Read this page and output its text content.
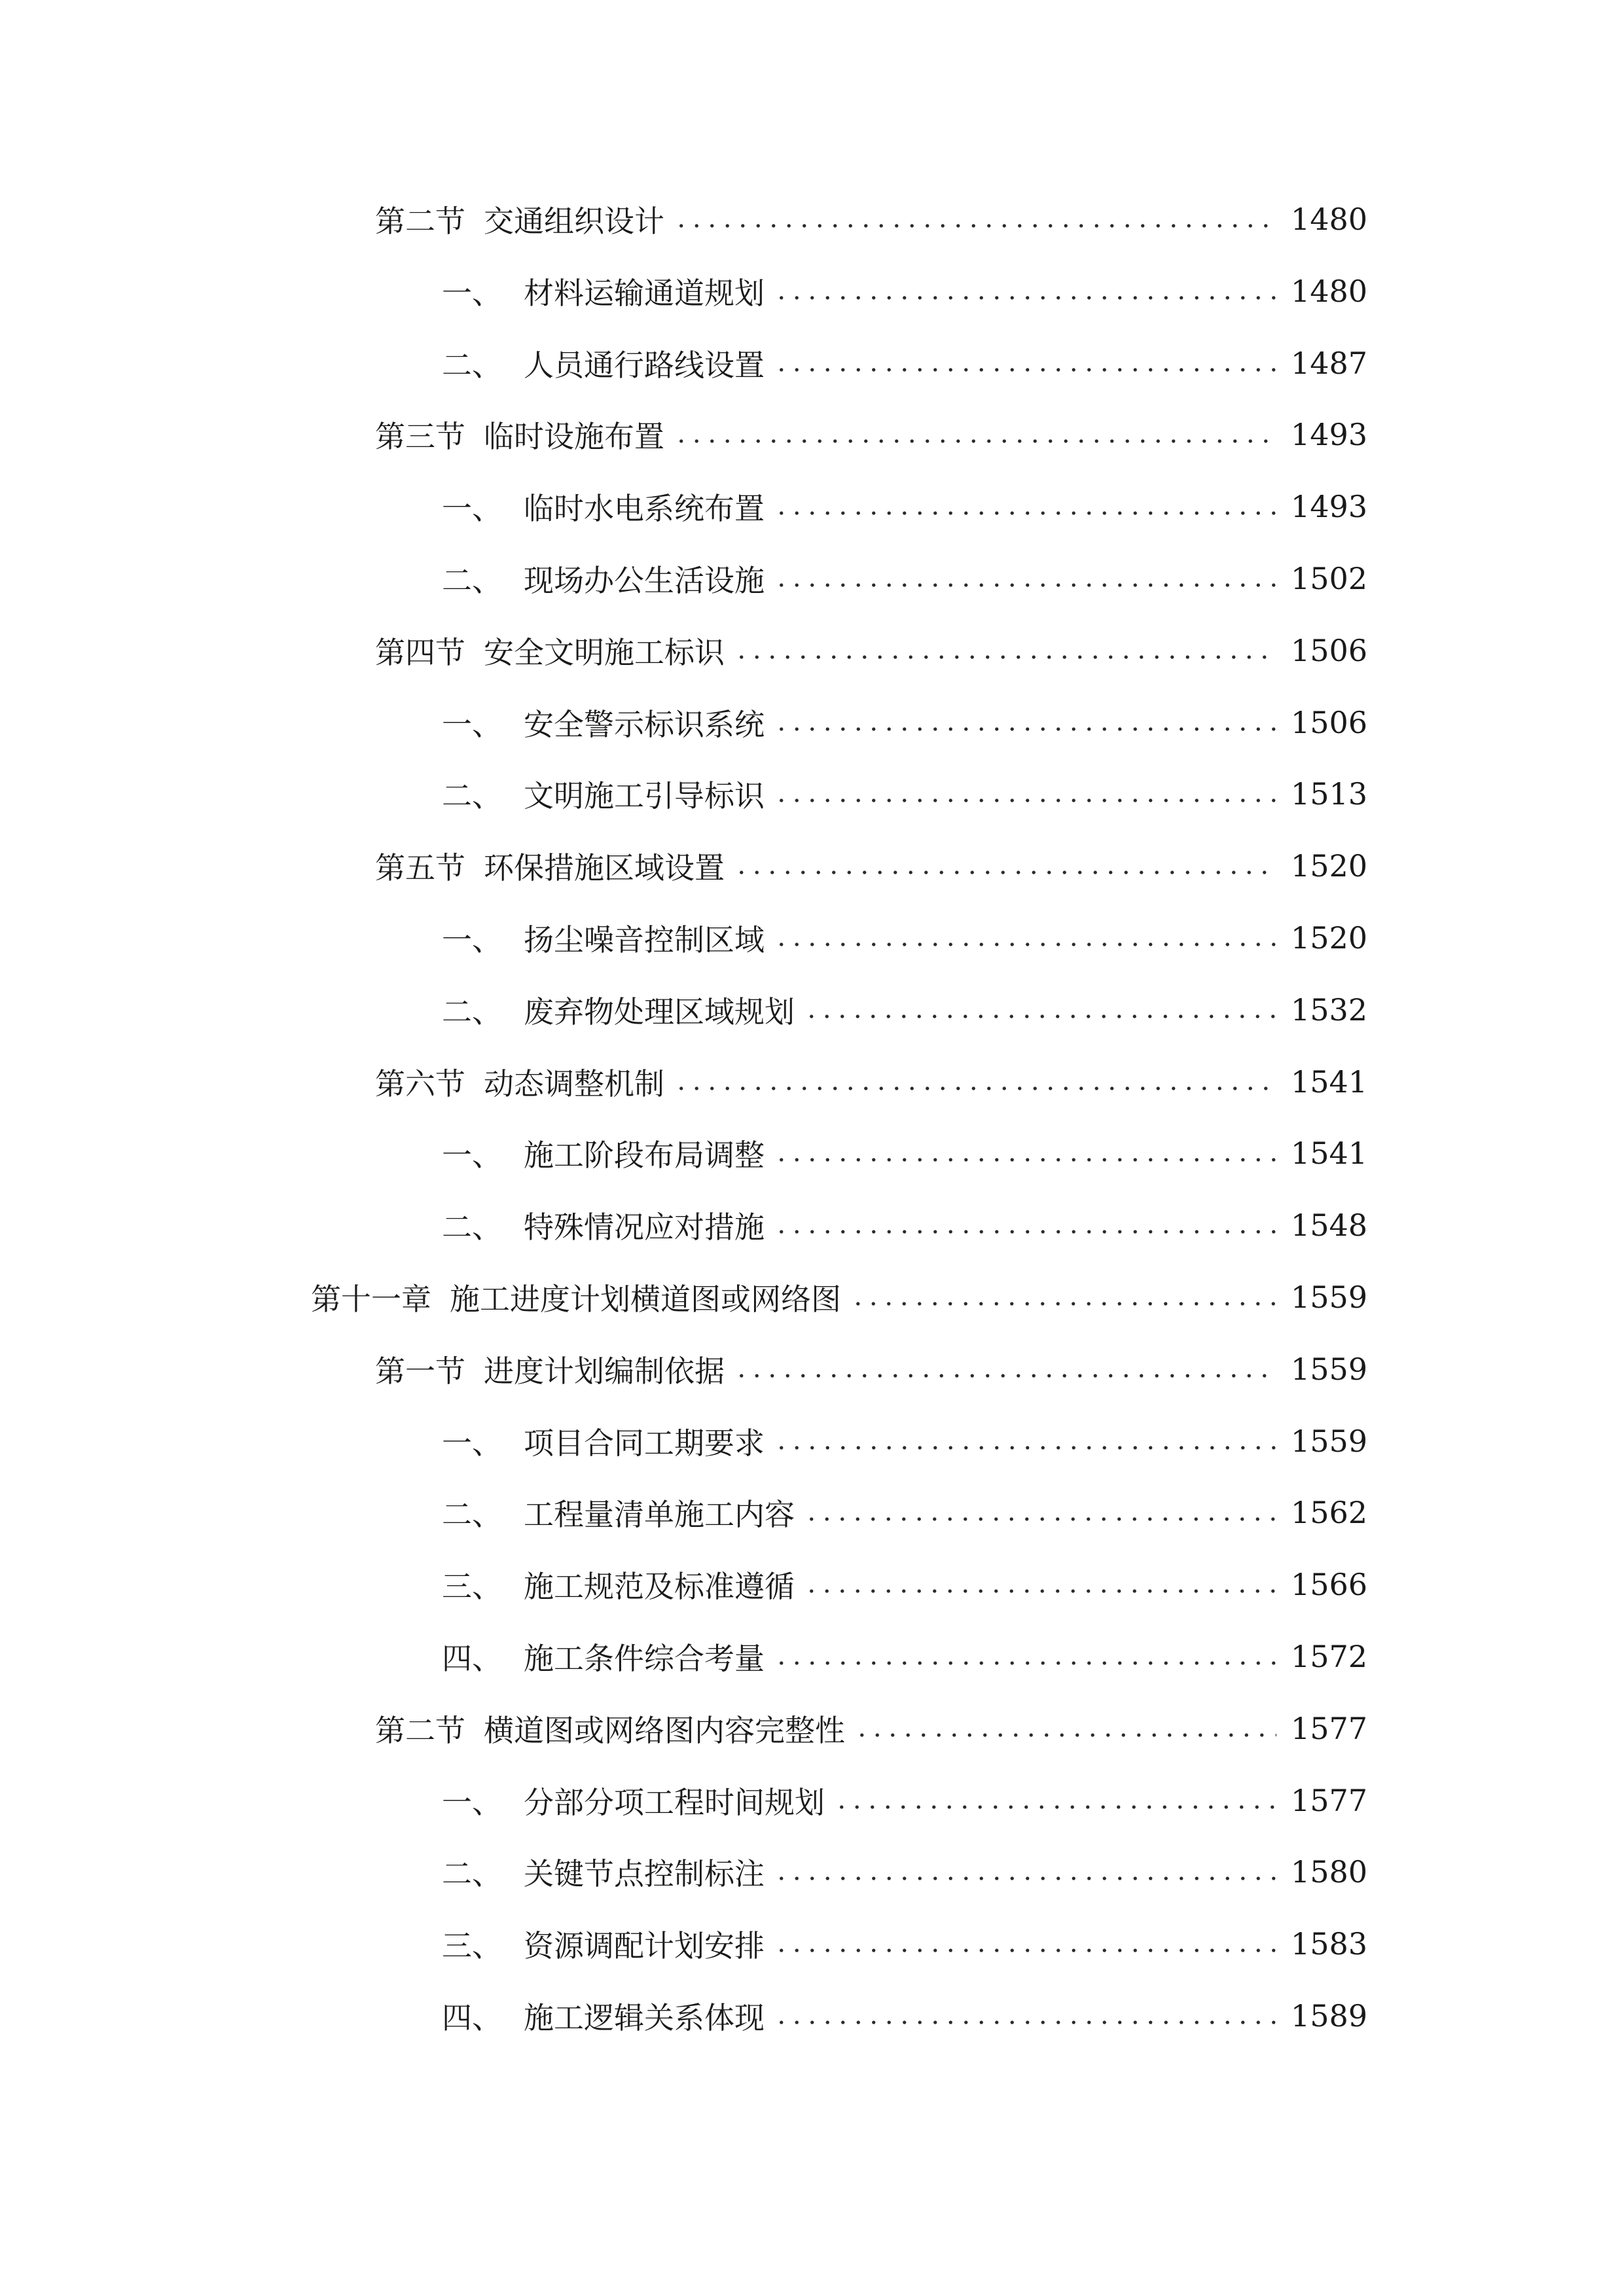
第二节 交通组织设计	1480
一、 材料运输通道规划	1480
二、 人员通行路线设置	1487
第三节 临时设施布置	1493
一、 临时水电系统布置	1493
二、 现场办公生活设施	1502
第四节 安全文明施工标识	1506
一、 安全警示标识系统	1506
二、 文明施工引导标识	1513
第五节 环保措施区域设置	1520
一、 扬尘噪音控制区域	1520
二、 废弃物处理区域规划	1532
第六节 动态调整机制	1541
一、 施工阶段布局调整	1541
二、 特殊情况应对措施	1548
第十一章 施工进度计划横道图或网络图	1559
第一节 进度计划编制依据	1559
一、 项目合同工期要求	1559
二、 工程量清单施工内容	1562
三、 施工规范及标准遵循	1566
四、 施工条件综合考量	1572
第二节 横道图或网络图内容完整性	1577
一、 分部分项工程时间规划	1577
二、 关键节点控制标注	1580
三、 资源调配计划安排	1583
四、 施工逻辑关系体现	1589
